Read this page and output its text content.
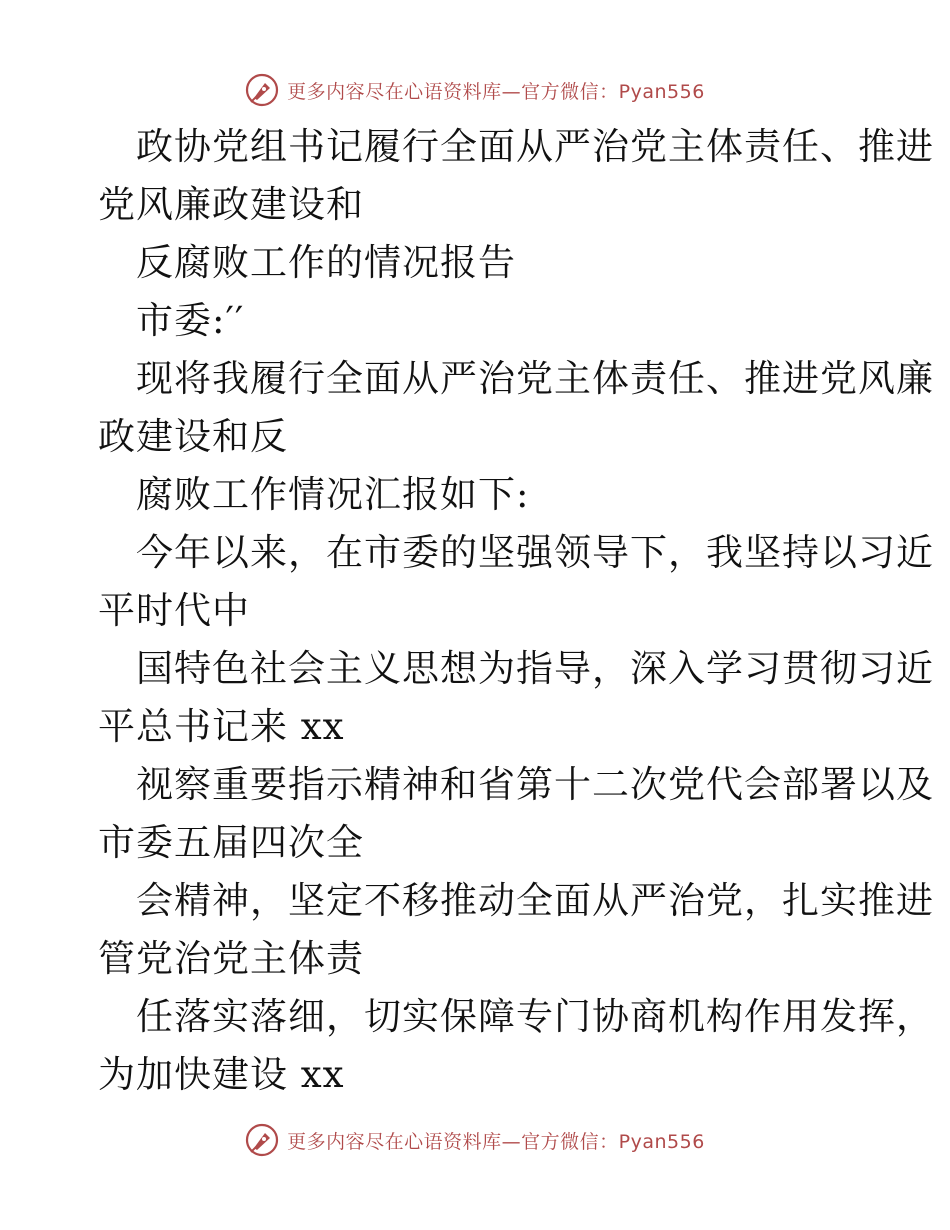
更多内容尽在心语资料库—官方微信：Pyan556
政协党组书记履行全面从严治党主体责任、推进
党风廉政建设和
反腐败工作的情况报告
市委:′′
现将我履行全面从严治党主体责任、推进党风廉
政建设和反
腐败工作情况汇报如下:
今年以来，在市委的坚强领导下，我坚持以习近
平时代中
国特色社会主义思想为指导，深入学习贯彻习近
平总书记来 xx
视察重要指示精神和省第十二次党代会部署以及
市委五届四次全
会精神，坚定不移推动全面从严治党，扎实推进
管党治党主体责
任落实落细，切实保障专门协商机构作用发挥，
为加快建设 xx
更多内容尽在心语资料库—官方微信：Pyan556
